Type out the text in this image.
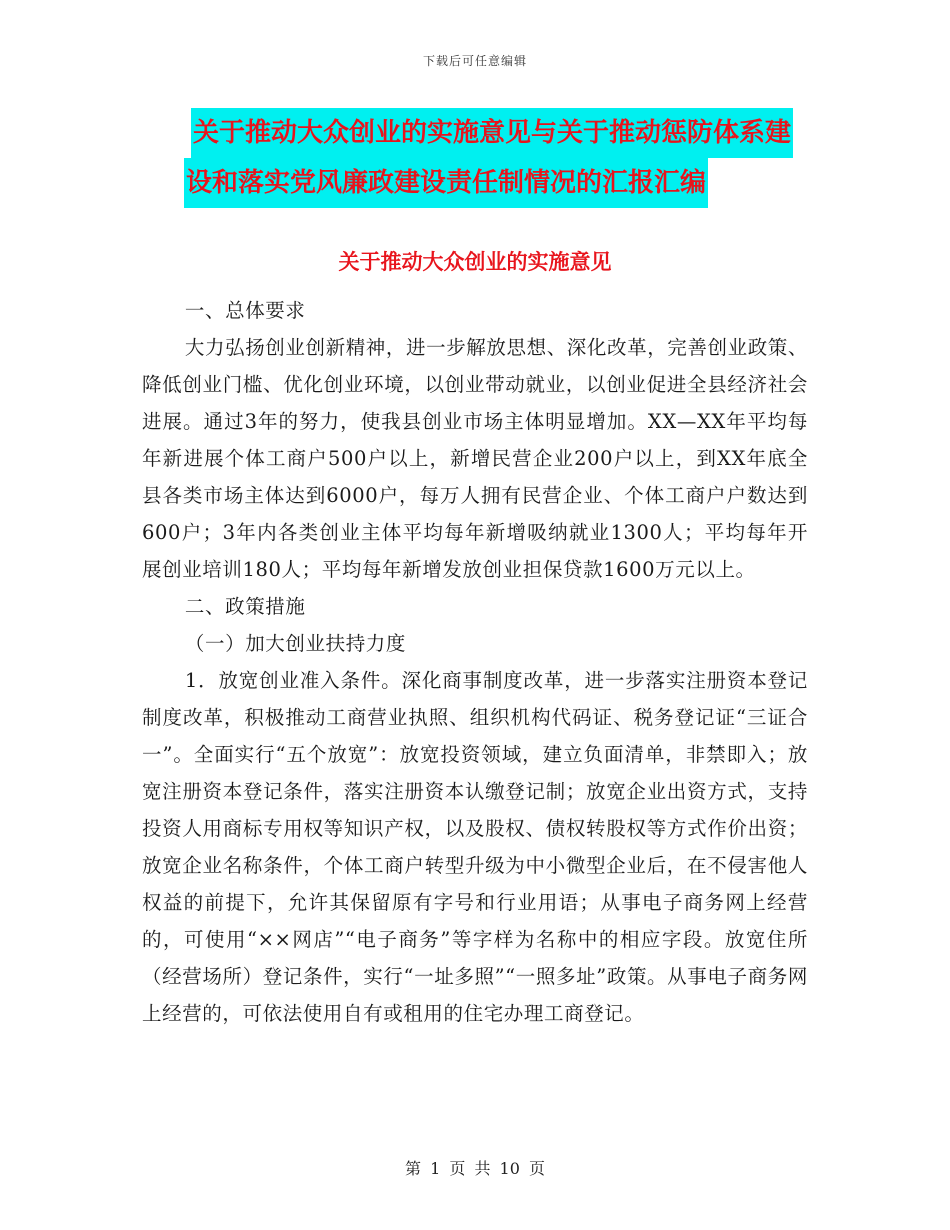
下载后可任意编辑
关于推动大众创业的实施意见与关于推动惩防体系建
设和落实党风廉政建设责任制情况的汇报汇编
关于推动大众创业的实施意见

一、总体要求

大力弘扬创业创新精神，进一步解放思想、深化改革，完善创业政策、降低创业门槛、优化创业环境，以创业带动就业，以创业促进全县经济社会进展。通过3年的努力，使我县创业市场主体明显增加。XX—XX年平均每年新进展个体工商户500户以上，新增民营企业200户以上，到XX年底全县各类市场主体达到6000户，每万人拥有民营企业、个体工商户户数达到600户；3年内各类创业主体平均每年新增吸纳就业1300人；平均每年开展创业培训180人；平均每年新增发放创业担保贷款1600万元以上。

二、政策措施

（一）加大创业扶持力度

1．放宽创业准入条件。深化商事制度改革，进一步落实注册资本登记制度改革，积极推动工商营业执照、组织机构代码证、税务登记证“三证合一”。全面实行“五个放宽”：放宽投资领域，建立负面清单，非禁即入；放宽注册资本登记条件，落实注册资本认缴登记制；放宽企业出资方式，支持投资人用商标专用权等知识产权，以及股权、债权转股权等方式作价出资；放宽企业名称条件，个体工商户转型升级为中小微型企业后，在不侵害他人权益的前提下，允许其保留原有字号和行业用语；从事电子商务网上经营的，可使用“××网店”“电子商务”等字样为名称中的相应字段。放宽住所（经营场所）登记条件，实行“一址多照”“一照多址”政策。从事电子商务网上经营的，可依法使用自有或租用的住宅办理工商登记。

第 1 页 共 10 页
